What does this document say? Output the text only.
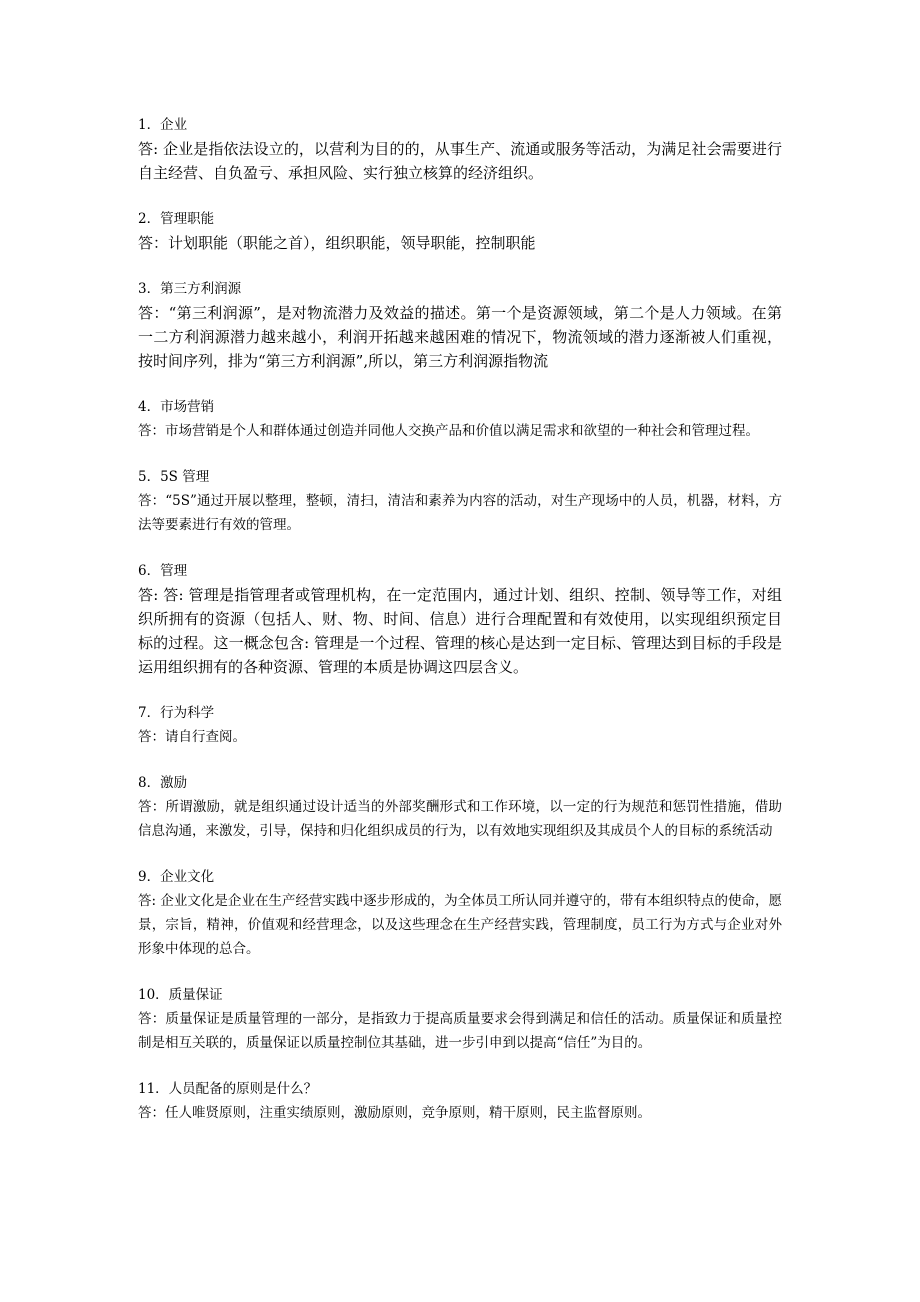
1．企业

答: 企业是指依法设立的，以营利为目的的，从事生产、流通或服务等活动，为满足社会需要进行自主经营、自负盈亏、承担风险、实行独立核算的经济组织。

2．管理职能

答：计划职能（职能之首），组织职能，领导职能，控制职能

3．第三方利润源

答：“第三利润源”，是对物流潜力及效益的描述。第一个是资源领域，第二个是人力领域。在第一二方利润源潜力越来越小，利润开拓越来越困难的情况下，物流领域的潜力逐渐被人们重视，按时间序列，排为“第三方利润源”,所以，第三方利润源指物流

4．市场营销

答：市场营销是个人和群体通过创造并同他人交换产品和价值以满足需求和欲望的一种社会和管理过程。

5．5S 管理

答：“5S”通过开展以整理，整顿，清扫，清洁和素养为内容的活动，对生产现场中的人员，机器，材料，方法等要素进行有效的管理。

6．管理

答: 答: 管理是指管理者或管理机构，在一定范围内，通过计划、组织、控制、领导等工作，对组织所拥有的资源（包括人、财、物、时间、信息）进行合理配置和有效使用，以实现组织预定目标的过程。这一概念包含: 管理是一个过程、管理的核心是达到一定目标、管理达到目标的手段是运用组织拥有的各种资源、管理的本质是协调这四层含义。

7．行为科学

答：请自行查阅。

8．激励

答：所谓激励，就是组织通过设计适当的外部奖酬形式和工作环境，以一定的行为规范和惩罚性措施，借助信息沟通，来激发，引导，保持和归化组织成员的行为，以有效地实现组织及其成员个人的目标的系统活动

9．企业文化

答: 企业文化是企业在生产经营实践中逐步形成的，为全体员工所认同并遵守的，带有本组织特点的使命，愿景，宗旨，精神，价值观和经营理念，以及这些理念在生产经营实践，管理制度，员工行为方式与企业对外形象中体现的总合。

10．质量保证

答：质量保证是质量管理的一部分，是指致力于提高质量要求会得到满足和信任的活动。质量保证和质量控制是相互关联的，质量保证以质量控制位其基础，进一步引申到以提高“信任”为目的。

11．人员配备的原则是什么？

答：任人唯贤原则，注重实绩原则，激励原则，竞争原则，精干原则，民主监督原则。
